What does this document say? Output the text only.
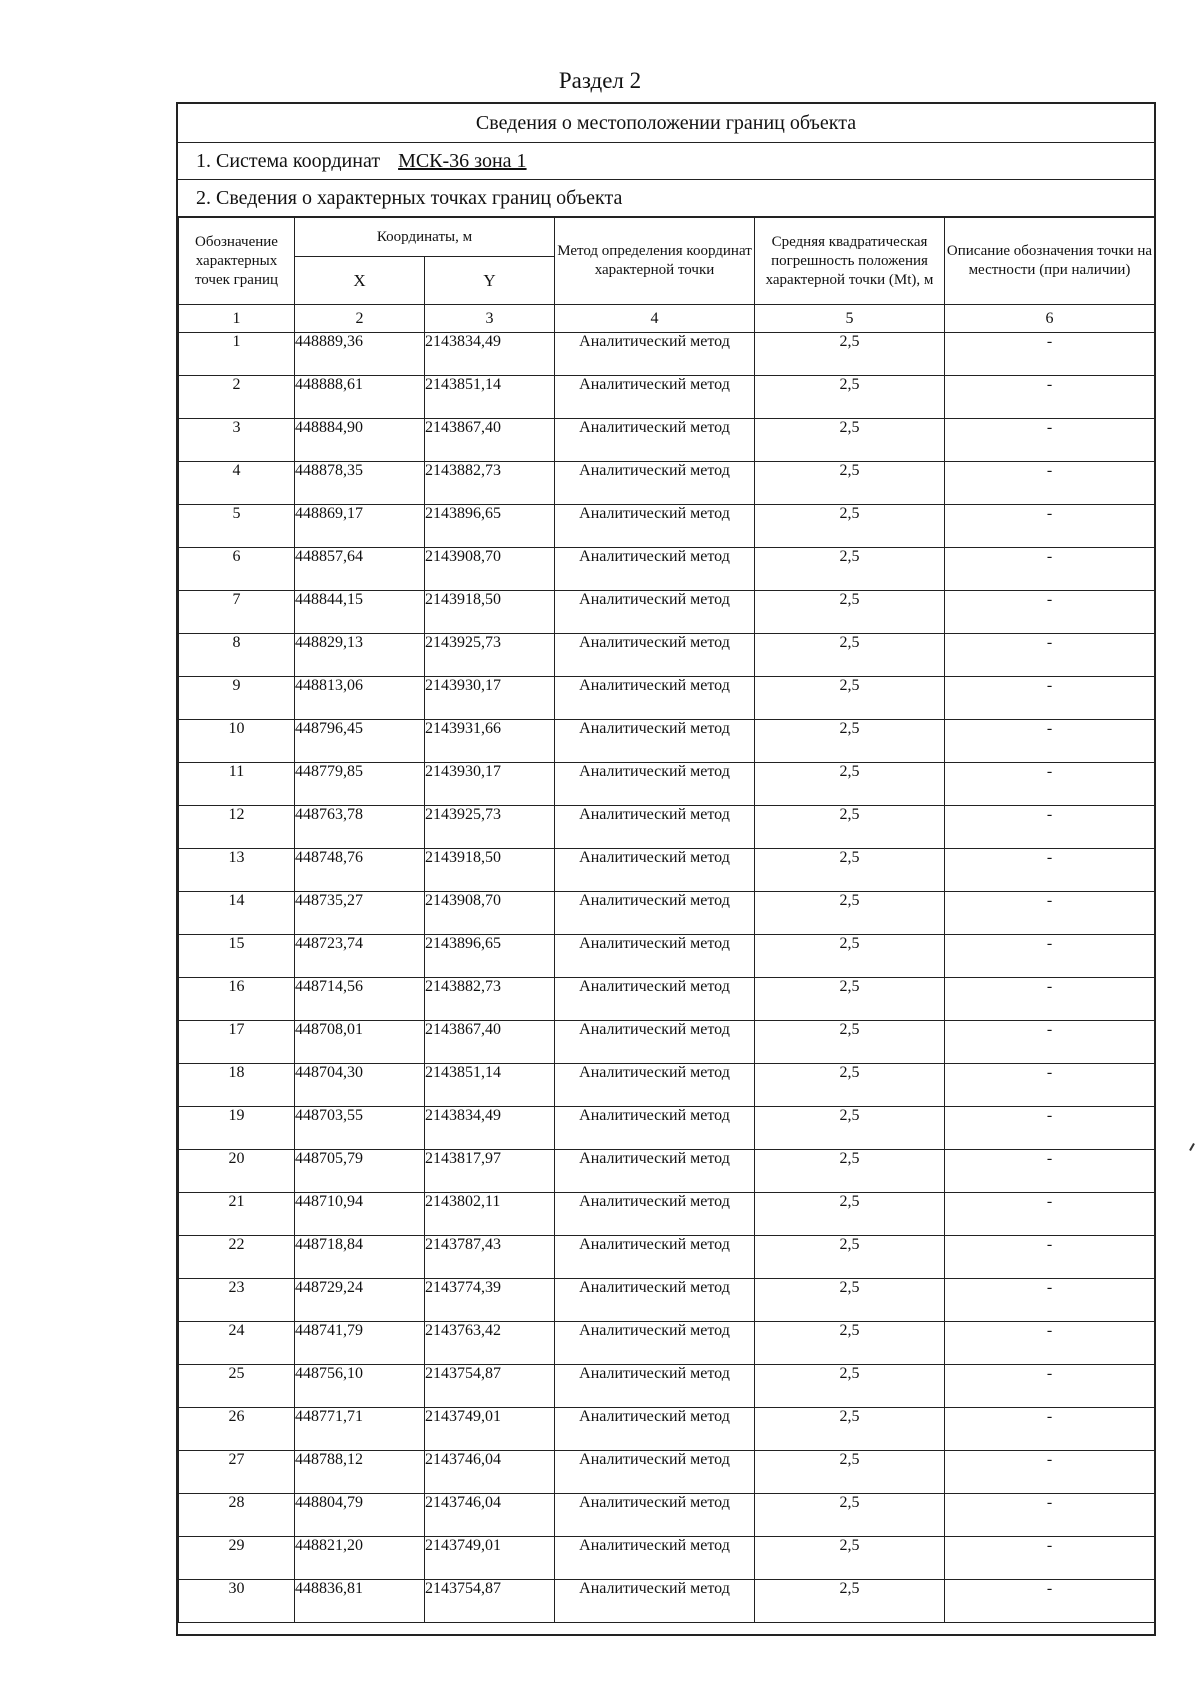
Раздел 2
Сведения о местоположении границ объекта
1. Система координат МСК-36 зона 1
2. Сведения о характерных точках границ объекта
Обозначение характерных точек границ	Координаты, м		Метод определения координат характерной точки	Средняя квадратическая погрешность положения характерной точки (Mt), м	Описание обозначения точки на местности (при наличии)
	X	Y			
1	2	3	4	5	6
1	448889,36	2143834,49	Аналитический метод	2,5	-
2	448888,61	2143851,14	Аналитический метод	2,5	-
3	448884,90	2143867,40	Аналитический метод	2,5	-
4	448878,35	2143882,73	Аналитический метод	2,5	-
5	448869,17	2143896,65	Аналитический метод	2,5	-
6	448857,64	2143908,70	Аналитический метод	2,5	-
7	448844,15	2143918,50	Аналитический метод	2,5	-
8	448829,13	2143925,73	Аналитический метод	2,5	-
9	448813,06	2143930,17	Аналитический метод	2,5	-
10	448796,45	2143931,66	Аналитический метод	2,5	-
11	448779,85	2143930,17	Аналитический метод	2,5	-
12	448763,78	2143925,73	Аналитический метод	2,5	-
13	448748,76	2143918,50	Аналитический метод	2,5	-
14	448735,27	2143908,70	Аналитический метод	2,5	-
15	448723,74	2143896,65	Аналитический метод	2,5	-
16	448714,56	2143882,73	Аналитический метод	2,5	-
17	448708,01	2143867,40	Аналитический метод	2,5	-
18	448704,30	2143851,14	Аналитический метод	2,5	-
19	448703,55	2143834,49	Аналитический метод	2,5	-
20	448705,79	2143817,97	Аналитический метод	2,5	-
21	448710,94	2143802,11	Аналитический метод	2,5	-
22	448718,84	2143787,43	Аналитический метод	2,5	-
23	448729,24	2143774,39	Аналитический метод	2,5	-
24	448741,79	2143763,42	Аналитический метод	2,5	-
25	448756,10	2143754,87	Аналитический метод	2,5	-
26	448771,71	2143749,01	Аналитический метод	2,5	-
27	448788,12	2143746,04	Аналитический метод	2,5	-
28	448804,79	2143746,04	Аналитический метод	2,5	-
29	448821,20	2143749,01	Аналитический метод	2,5	-
30	448836,81	2143754,87	Аналитический метод	2,5	-
